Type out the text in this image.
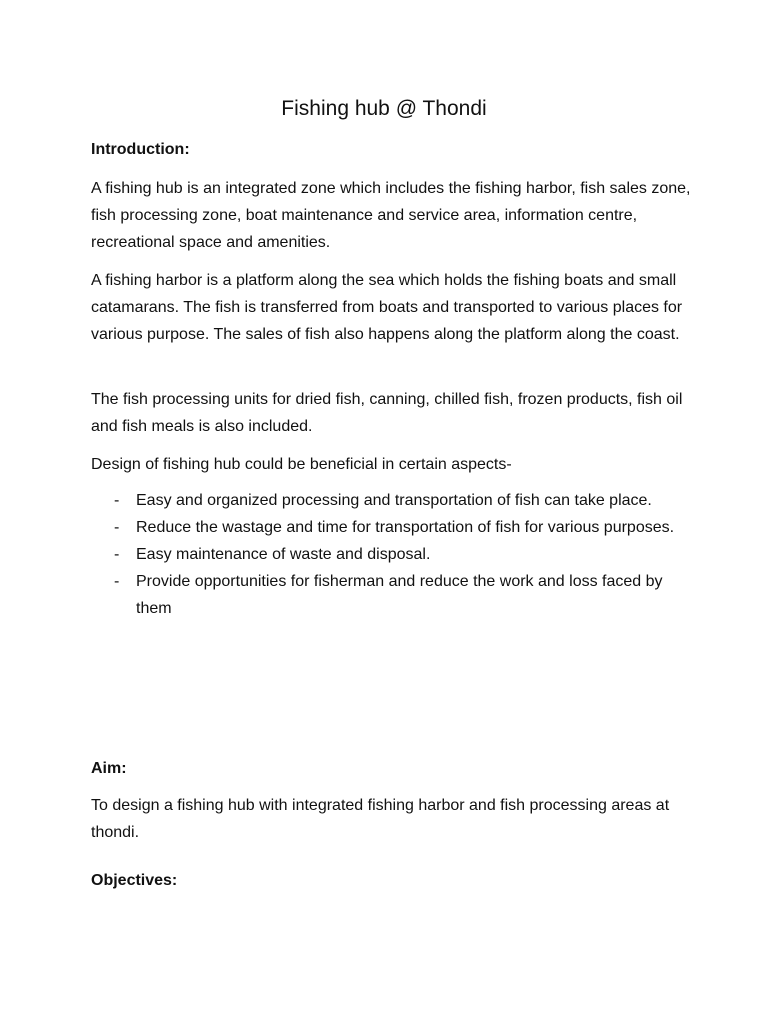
Fishing hub @ Thondi
Introduction:

A fishing hub is an integrated zone which includes the fishing harbor, fish sales zone, fish processing zone, boat maintenance and service area, information centre, recreational space and amenities.

A fishing harbor is a platform along the sea which holds the fishing boats and small catamarans. The fish is transferred from boats and transported to various places for various purpose. The sales of fish also happens along the platform along the coast.

The fish processing units for dried fish, canning, chilled fish, frozen products, fish oil and fish meals is also included.

Design of fishing hub could be beneficial in certain aspects-

- Easy and organized processing and transportation of fish can take place.
- Reduce the wastage and time for transportation of fish for various purposes.
- Easy maintenance of waste and disposal.
- Provide opportunities for fisherman and reduce the work and loss faced by them
Aim:

To design a fishing hub with integrated fishing harbor and fish processing areas at thondi.

Objectives:
